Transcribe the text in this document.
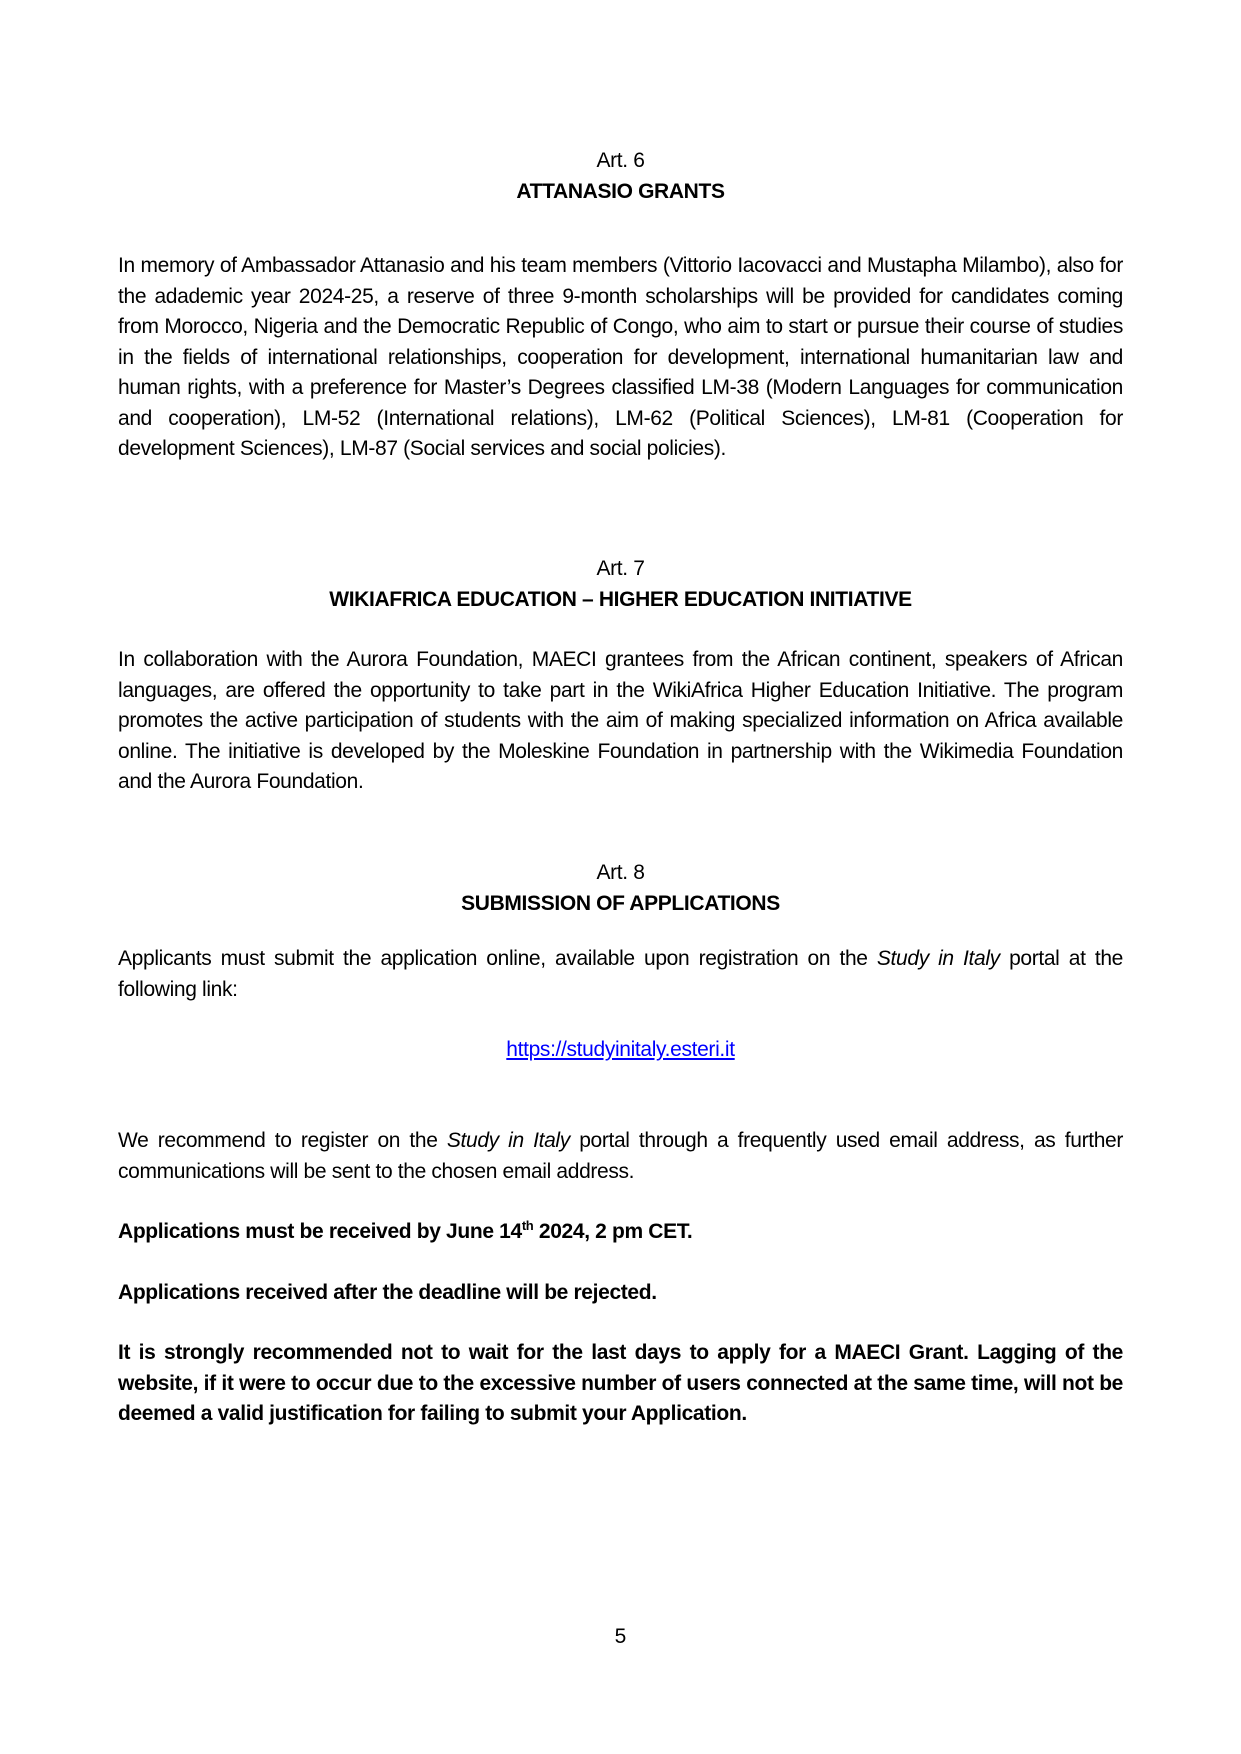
Art. 6
ATTANASIO GRANTS
In memory of Ambassador Attanasio and his team members (Vittorio Iacovacci and Mustapha Milambo), also for the adademic year 2024-25, a reserve of three 9-month scholarships will be provided for candidates coming from Morocco, Nigeria and the Democratic Republic of Congo, who aim to start or pursue their course of studies in the fields of international relationships, cooperation for development, international humanitarian law and human rights, with a preference for Master’s Degrees classified LM-38 (Modern Languages for communication and cooperation), LM-52 (International relations), LM-62 (Political Sciences), LM-81 (Cooperation for development Sciences), LM-87 (Social services and social policies).
Art. 7
WIKIAFRICA EDUCATION – HIGHER EDUCATION INITIATIVE
In collaboration with the Aurora Foundation, MAECI grantees from the African continent, speakers of African languages, are offered the opportunity to take part in the WikiAfrica Higher Education Initiative. The program promotes the active participation of students with the aim of making specialized information on Africa available online. The initiative is developed by the Moleskine Foundation in partnership with the Wikimedia Foundation and the Aurora Foundation.
Art. 8
SUBMISSION OF APPLICATIONS
Applicants must submit the application online, available upon registration on the Study in Italy portal at the following link:
https://studyinitaly.esteri.it
We recommend to register on the Study in Italy portal through a frequently used email address, as further communications will be sent to the chosen email address.
Applications must be received by June 14th 2024, 2 pm CET.
Applications received after the deadline will be rejected.
It is strongly recommended not to wait for the last days to apply for a MAECI Grant. Lagging of the website, if it were to occur due to the excessive number of users connected at the same time, will not be deemed a valid justification for failing to submit your Application.
5
